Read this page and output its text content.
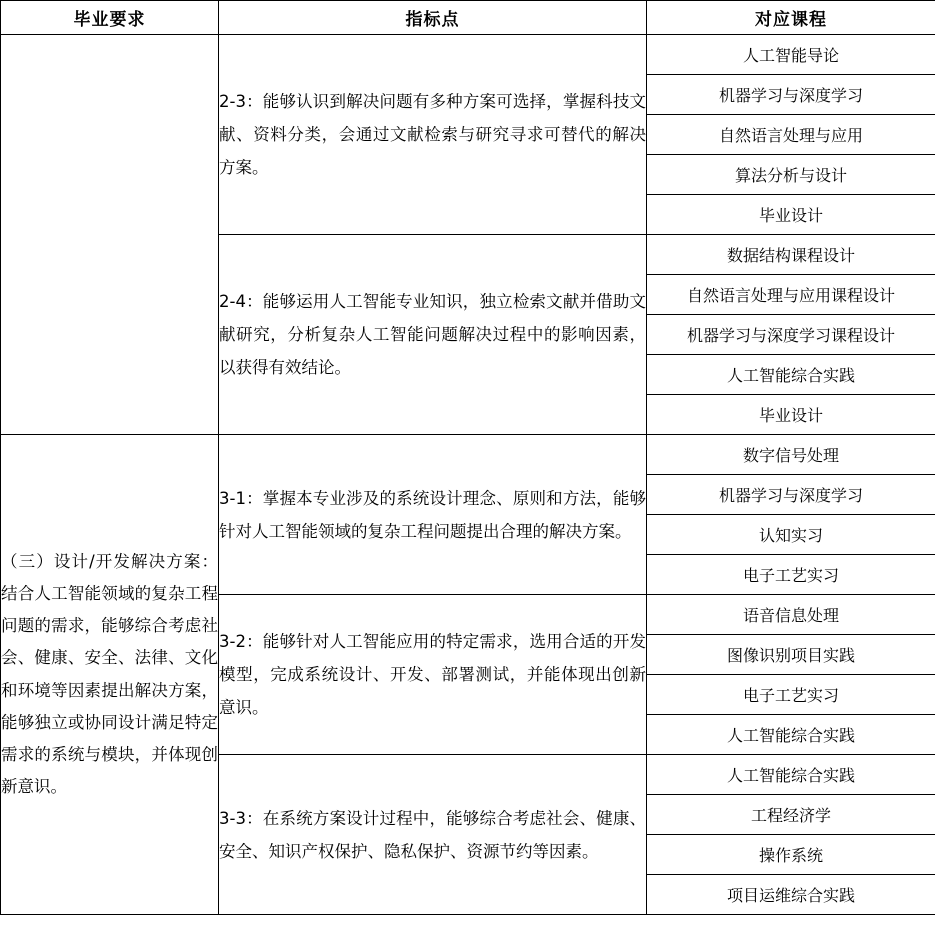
毕业要求	指标点	对应课程
	2-3：能够认识到解决问题有多种方案可选择，掌握科技文献、资料分类，会通过文献检索与研究寻求可替代的解决方案。	人工智能导论
		机器学习与深度学习
		自然语言处理与应用
		算法分析与设计
		毕业设计
	2-4：能够运用人工智能专业知识，独立检索文献并借助文献研究，分析复杂人工智能问题解决过程中的影响因素，以获得有效结论。	数据结构课程设计
		自然语言处理与应用课程设计
		机器学习与深度学习课程设计
		人工智能综合实践
		毕业设计
（三）设计/开发解决方案：结合人工智能领域的复杂工程问题的需求，能够综合考虑社会、健康、安全、法律、文化和环境等因素提出解决方案，能够独立或协同设计满足特定需求的系统与模块，并体现创新意识。	3-1：掌握本专业涉及的系统设计理念、原则和方法，能够针对人工智能领域的复杂工程问题提出合理的解决方案。	数字信号处理
		机器学习与深度学习
		认知实习
		电子工艺实习
	3-2：能够针对人工智能应用的特定需求，选用合适的开发模型，完成系统设计、开发、部署测试，并能体现出创新意识。	语音信息处理
		图像识别项目实践
		电子工艺实习
		人工智能综合实践
	3-3：在系统方案设计过程中，能够综合考虑社会、健康、安全、知识产权保护、隐私保护、资源节约等因素。	人工智能综合实践
		工程经济学
		操作系统
		项目运维综合实践
